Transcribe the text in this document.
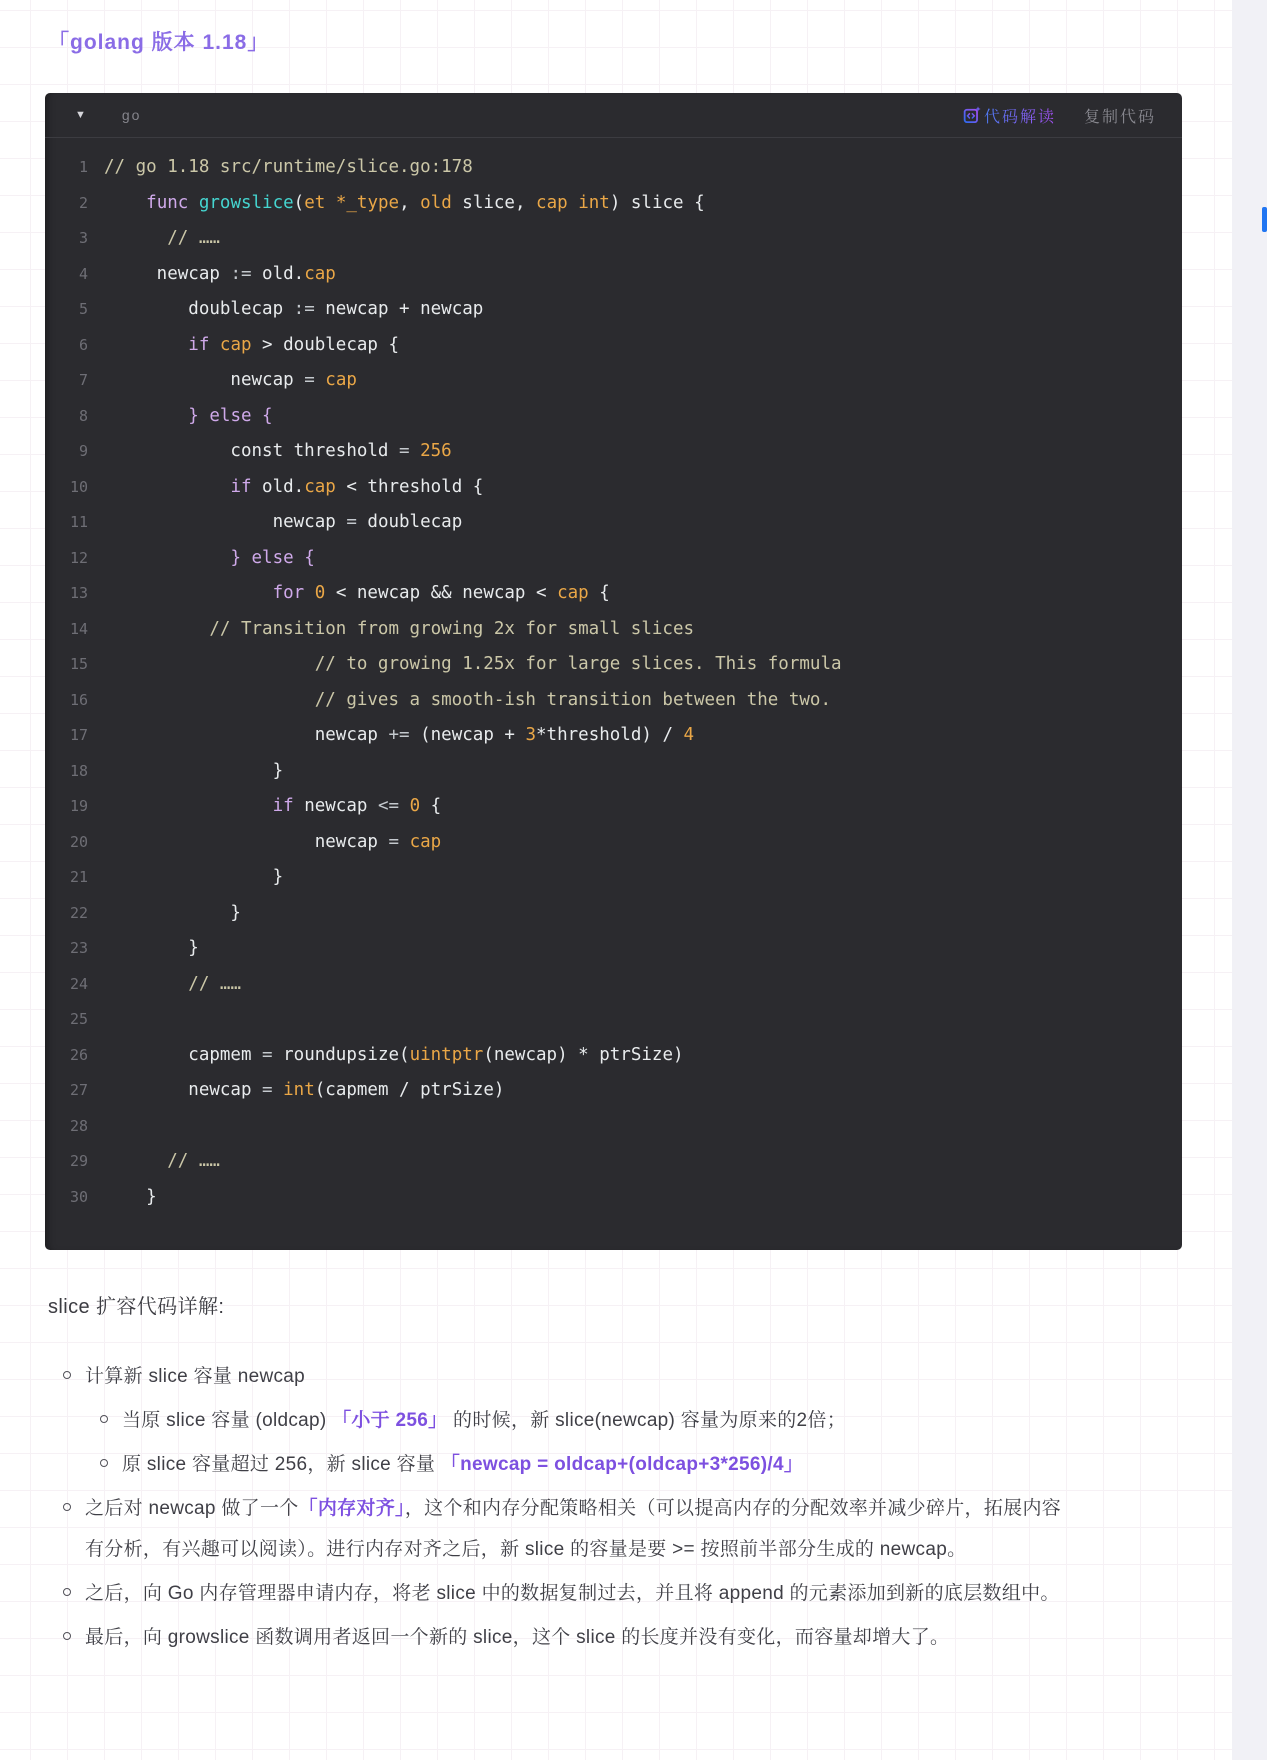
「golang 版本 1.18」
▼	go	代码解读 复制代码
1 // go 1.18 src/runtime/slice.go:178
2	func growslice(et *_type, old slice, cap int) slice {
3	// ……
4 newcap := old.cap
5 doublecap := newcap + newcap
6	if cap > doublecap {
7 newcap = cap
8	} else {
9 const threshold = 256
10	if old.cap < threshold {
11 newcap = doublecap
12	} else {
13	for 0 < newcap && newcap < cap {
14	// Transition from growing 2x for small slices
15	// to growing 1.25x for large slices. This formula
16	// gives a smooth-ish transition between the two.
17 newcap += (newcap + 3*threshold) / 4
18 }
19	if newcap <= 0 {
20 newcap = cap
21 }
22 }
23 }
24	// ……
25
26 capmem = roundupsize(uintptr(newcap) * ptrSize)
27 newcap = int(capmem / ptrSize)
28
29	// ……
30 }
slice 扩容代码详解:
计算新 slice 容量 newcap
当原 slice 容量 (oldcap) 「小于 256」 的时候，新 slice(newcap) 容量为原来的2倍；
原 slice 容量超过 256，新 slice 容量 「newcap = oldcap+(oldcap+3*256)/4」
之后对 newcap 做了一个「内存对齐」，这个和内存分配策略相关（可以提高内存的分配效率并减少碎片，拓展内容有分析，有兴趣可以阅读）。进行内存对齐之后，新 slice 的容量是要 >= 按照前半部分生成的 newcap。
之后，向 Go 内存管理器申请内存，将老 slice 中的数据复制过去，并且将 append 的元素添加到新的底层数组中。
最后，向 growslice 函数调用者返回一个新的 slice，这个 slice 的长度并没有变化，而容量却增大了。
